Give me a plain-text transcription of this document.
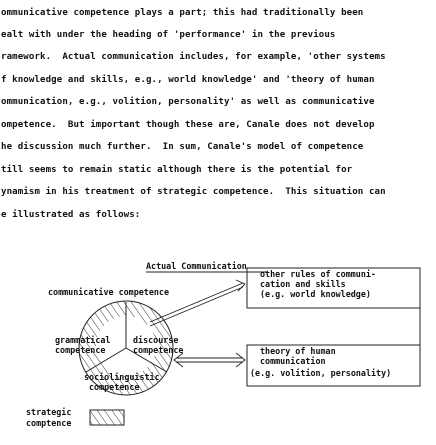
ommunicative competence plays a part; this had traditionally been
ealt with under the heading of 'performance' in the previous
ramework.  Actual communication includes, for example, 'other systems
f knowledge and skills, e.g., world knowledge' and 'theory of human
ommunication, e.g., volition, personality' as well as communicative
ompetence.  But important though these are, Canale does not develop
he discussion much further.  In sum, Canale's model of competence
till seems to remain static although there is the potential for
ynamism in his treatment of strategic competence.  This situation can
e illustrated as follows:
Actual Communication
communicative competence
grammatical
competence
discourse
competence
sociolinguistic
competence
other rules of communi-
cation and skills
(e.g. world knowledge)
theory of human
communication
(e.g. volition, personality)
strategic
comptence
